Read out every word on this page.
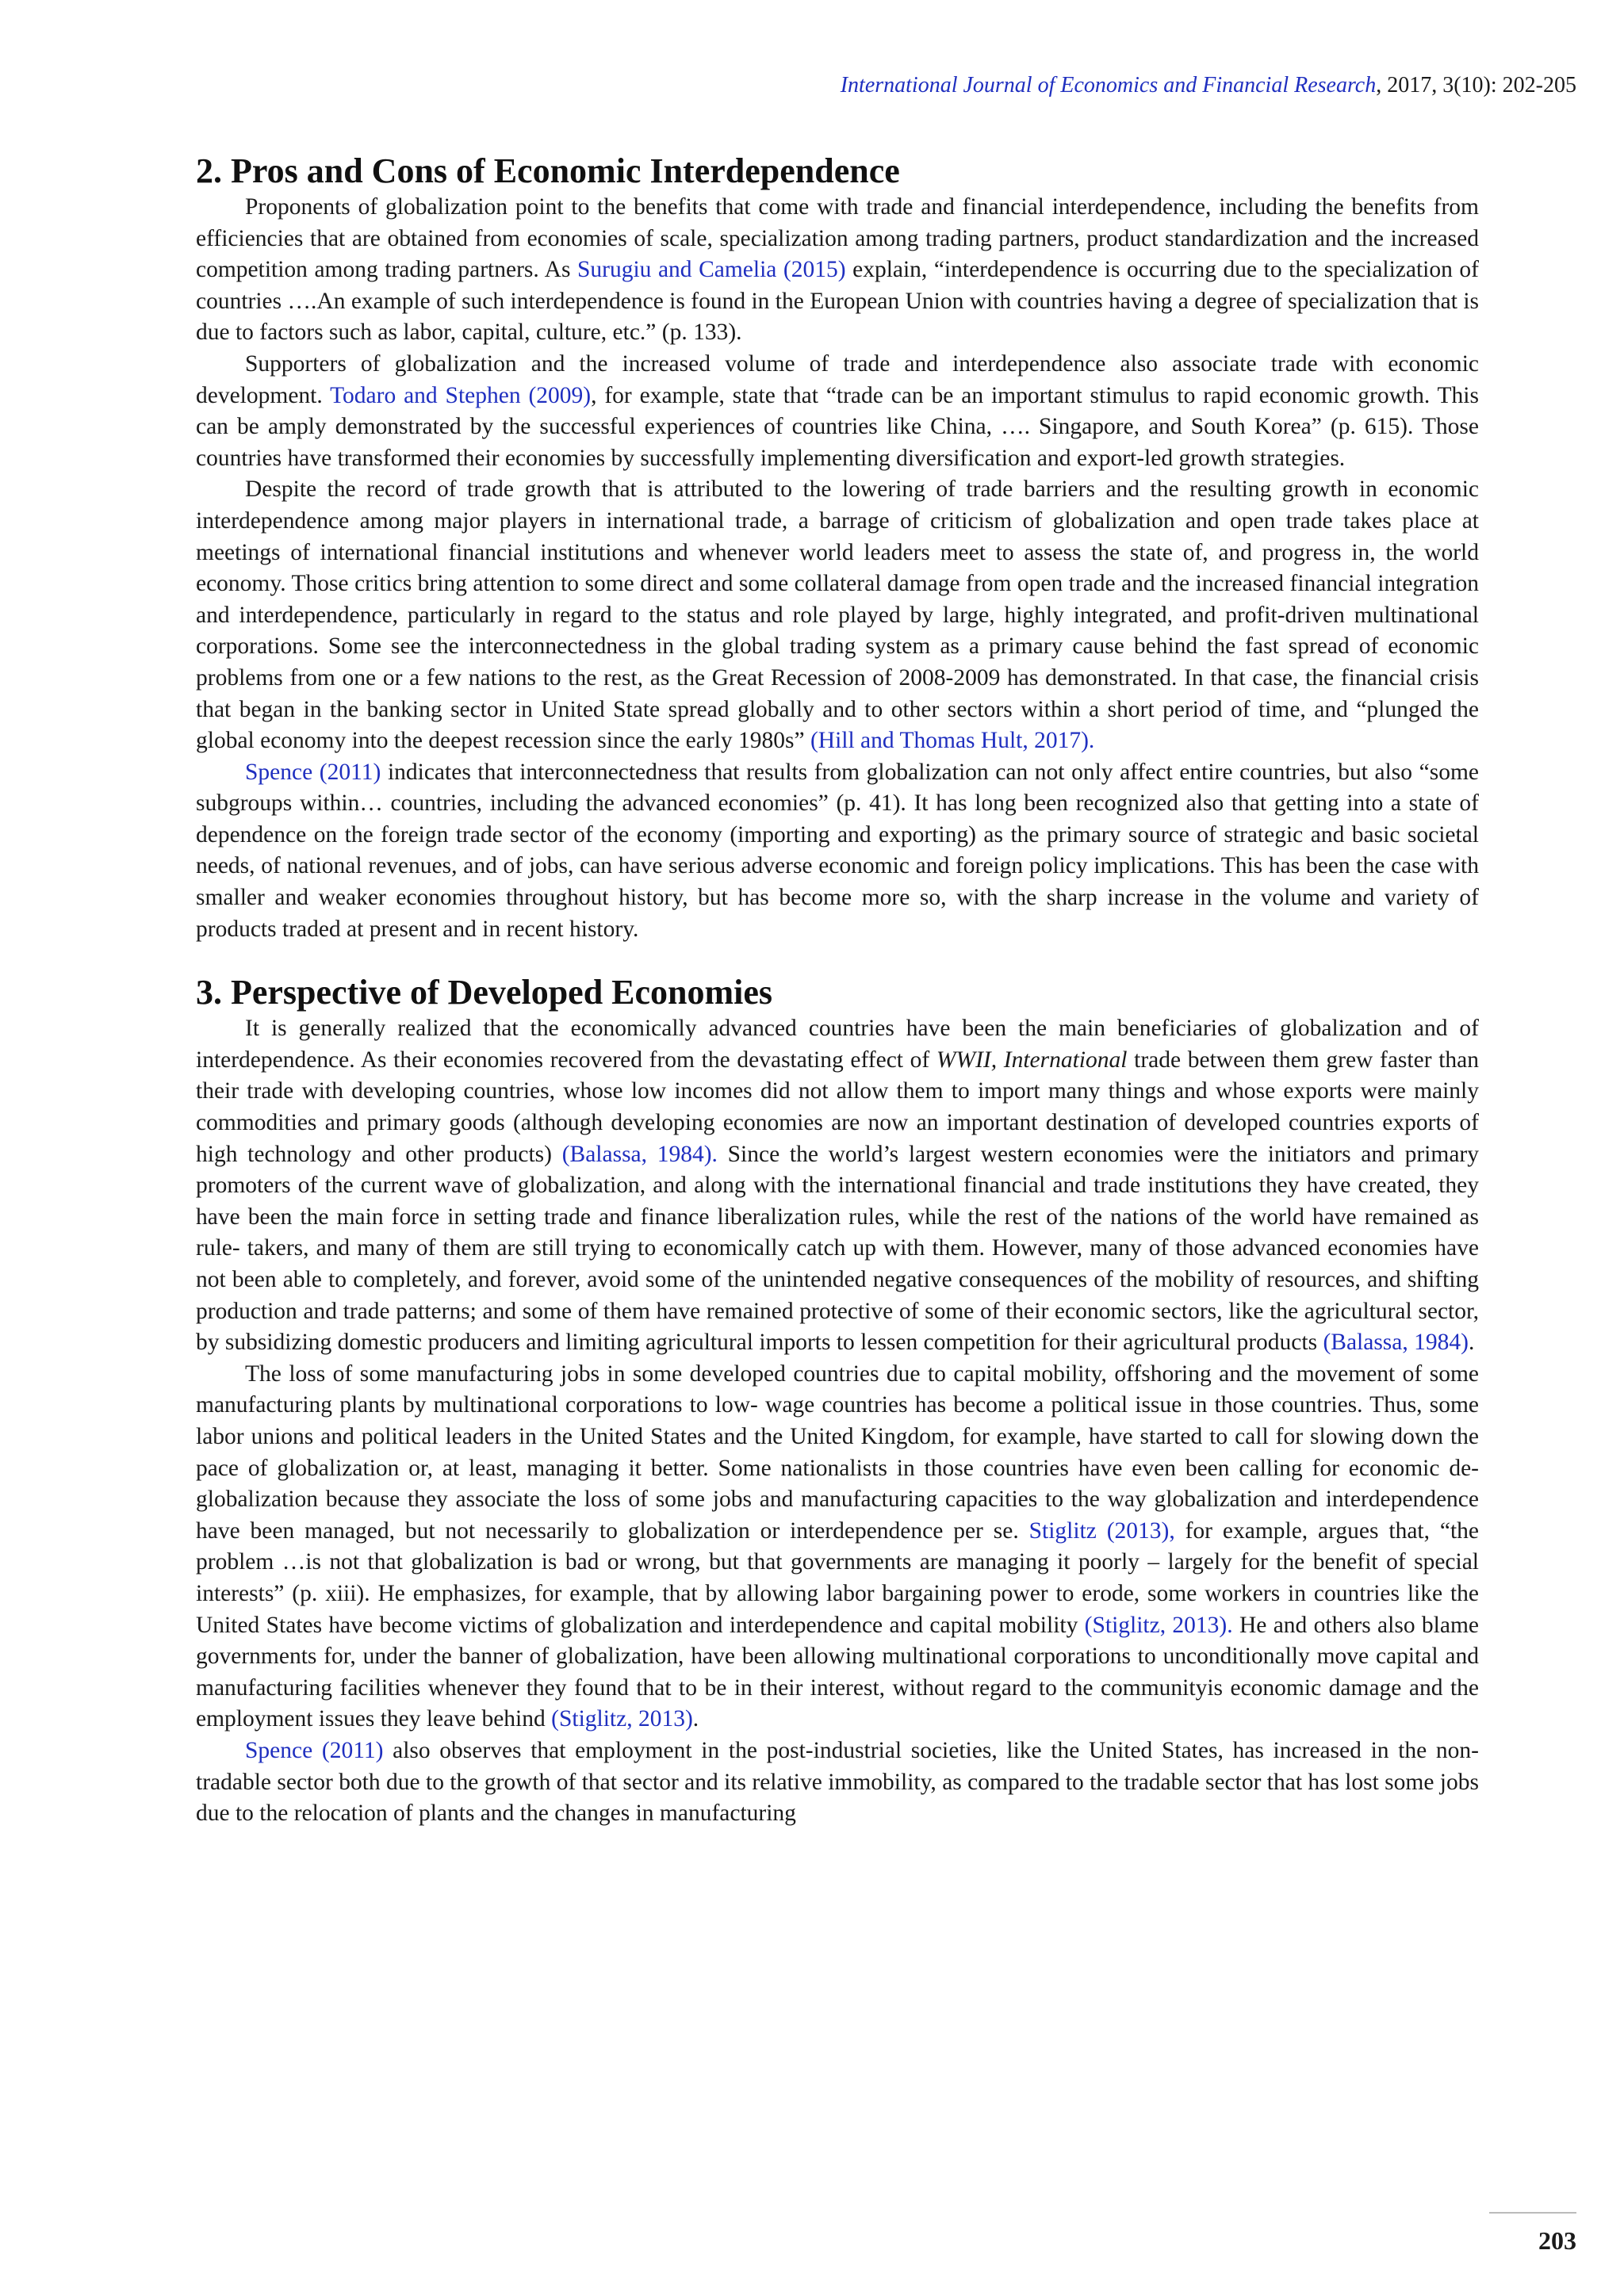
International Journal of Economics and Financial Research, 2017, 3(10): 202-205
2. Pros and Cons of Economic Interdependence

Proponents of globalization point to the benefits that come with trade and financial interdependence, including the benefits from efficiencies that are obtained from economies of scale, specialization among trading partners, product standardization and the increased competition among trading partners. As Surugiu and Camelia (2015) explain, “interdependence is occurring due to the specialization of countries ….An example of such interdependence is found in the European Union with countries having a degree of specialization that is due to factors such as labor, capital, culture, etc.” (p. 133).

Supporters of globalization and the increased volume of trade and interdependence also associate trade with economic development. Todaro and Stephen (2009), for example, state that “trade can be an important stimulus to rapid economic growth. This can be amply demonstrated by the successful experiences of countries like China, …. Singapore, and South Korea” (p. 615). Those countries have transformed their economies by successfully implementing diversification and export-led growth strategies.

Despite the record of trade growth that is attributed to the lowering of trade barriers and the resulting growth in economic interdependence among major players in international trade, a barrage of criticism of globalization and open trade takes place at meetings of international financial institutions and whenever world leaders meet to assess the state of, and progress in, the world economy. Those critics bring attention to some direct and some collateral damage from open trade and the increased financial integration and interdependence, particularly in regard to the status and role played by large, highly integrated, and profit-driven multinational corporations. Some see the interconnectedness in the global trading system as a primary cause behind the fast spread of economic problems from one or a few nations to the rest, as the Great Recession of 2008-2009 has demonstrated. In that case, the financial crisis that began in the banking sector in United State spread globally and to other sectors within a short period of time, and “plunged the global economy into the deepest recession since the early 1980s” (Hill and Thomas Hult, 2017).

Spence (2011) indicates that interconnectedness that results from globalization can not only affect entire countries, but also “some subgroups within… countries, including the advanced economies” (p. 41). It has long been recognized also that getting into a state of dependence on the foreign trade sector of the economy (importing and exporting) as the primary source of strategic and basic societal needs, of national revenues, and of jobs, can have serious adverse economic and foreign policy implications. This has been the case with smaller and weaker economies throughout history, but has become more so, with the sharp increase in the volume and variety of products traded at present and in recent history.

3. Perspective of Developed Economies

It is generally realized that the economically advanced countries have been the main beneficiaries of globalization and of interdependence. As their economies recovered from the devastating effect of WWII, International trade between them grew faster than their trade with developing countries, whose low incomes did not allow them to import many things and whose exports were mainly commodities and primary goods (although developing economies are now an important destination of developed countries exports of high technology and other products) (Balassa, 1984). Since the world’s largest western economies were the initiators and primary promoters of the current wave of globalization, and along with the international financial and trade institutions they have created, they have been the main force in setting trade and finance liberalization rules, while the rest of the nations of the world have remained as rule- takers, and many of them are still trying to economically catch up with them. However, many of those advanced economies have not been able to completely, and forever, avoid some of the unintended negative consequences of the mobility of resources, and shifting production and trade patterns; and some of them have remained protective of some of their economic sectors, like the agricultural sector, by subsidizing domestic producers and limiting agricultural imports to lessen competition for their agricultural products (Balassa, 1984).

The loss of some manufacturing jobs in some developed countries due to capital mobility, offshoring and the movement of some manufacturing plants by multinational corporations to low- wage countries has become a political issue in those countries. Thus, some labor unions and political leaders in the United States and the United Kingdom, for example, have started to call for slowing down the pace of globalization or, at least, managing it better. Some nationalists in those countries have even been calling for economic de-globalization because they associate the loss of some jobs and manufacturing capacities to the way globalization and interdependence have been managed, but not necessarily to globalization or interdependence per se. Stiglitz (2013), for example, argues that, “the problem …is not that globalization is bad or wrong, but that governments are managing it poorly – largely for the benefit of special interests” (p. xiii). He emphasizes, for example, that by allowing labor bargaining power to erode, some workers in countries like the United States have become victims of globalization and interdependence and capital mobility (Stiglitz, 2013). He and others also blame governments for, under the banner of globalization, have been allowing multinational corporations to unconditionally move capital and manufacturing facilities whenever they found that to be in their interest, without regard to the communityis economic damage and the employment issues they leave behind (Stiglitz, 2013).

Spence (2011) also observes that employment in the post-industrial societies, like the United States, has increased in the non-tradable sector both due to the growth of that sector and its relative immobility, as compared to the tradable sector that has lost some jobs due to the relocation of plants and the changes in manufacturing

203
